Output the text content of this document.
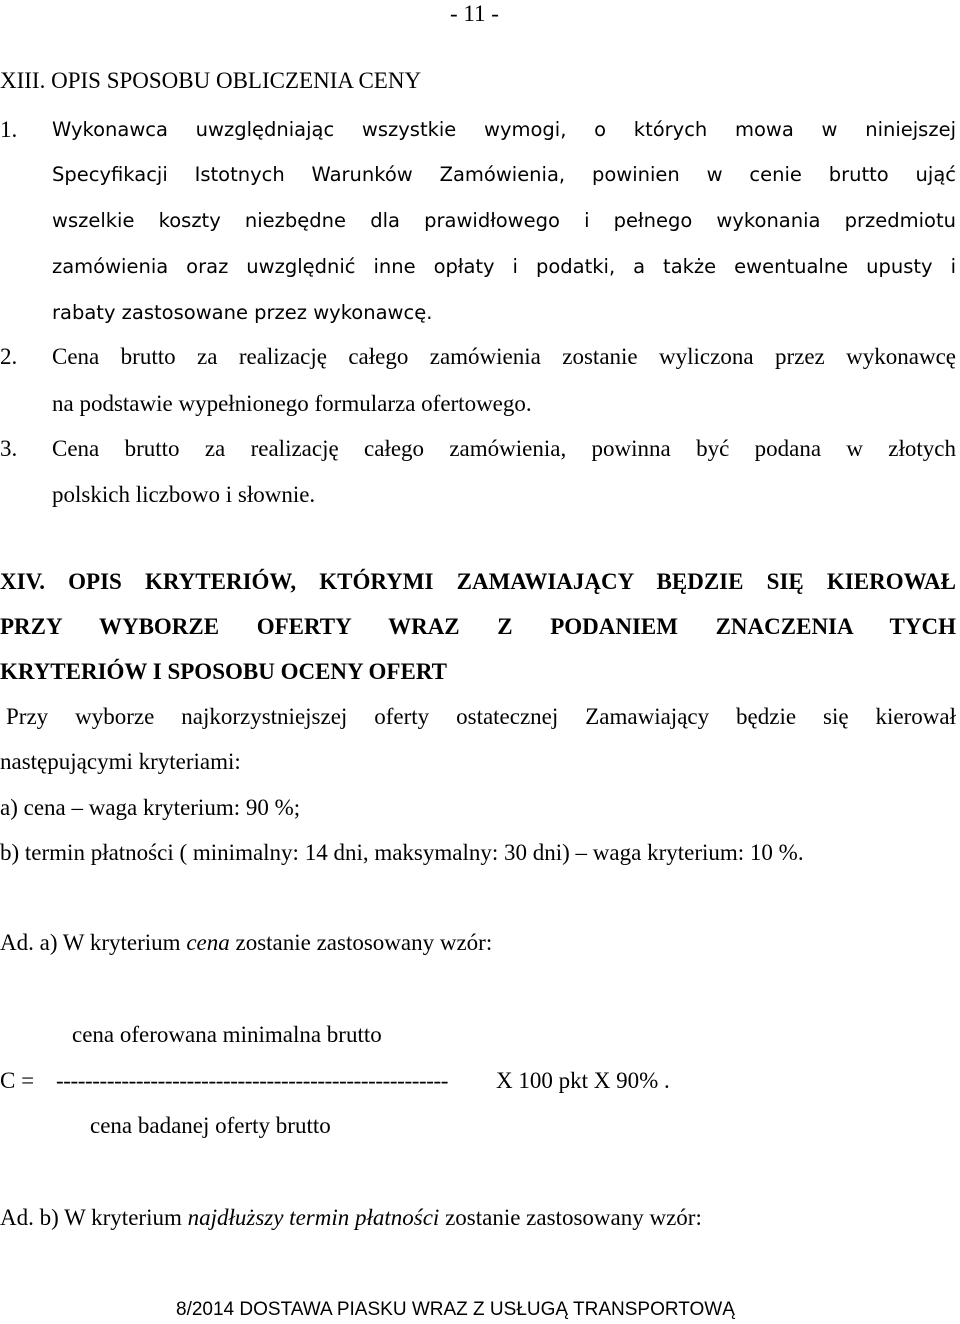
- 11 -
XIII. OPIS SPOSOBU OBLICZENIA CENY
1. Wykonawca uwzględniając wszystkie wymogi, o których mowa w niniejszej
Specyfikacji Istotnych Warunków Zamówienia, powinien w cenie brutto ująć
wszelkie koszty niezbędne dla prawidłowego i pełnego wykonania przedmiotu
zamówienia oraz uwzględnić inne opłaty i podatki, a także ewentualne upusty i
rabaty zastosowane przez wykonawcę.
2. Cena brutto za realizację całego zamówienia zostanie wyliczona przez wykonawcę
na podstawie wypełnionego formularza ofertowego.
3. Cena brutto za realizację całego zamówienia, powinna być podana w złotych
polskich liczbowo i słownie.
XIV. OPIS KRYTERIÓW, KTÓRYMI ZAMAWIAJĄCY BĘDZIE SIĘ KIEROWAŁ
PRZY WYBORZE OFERTY WRAZ Z PODANIEM ZNACZENIA TYCH
KRYTERIÓW I SPOSOBU OCENY OFERT
Przy wyborze najkorzystniejszej oferty ostatecznej Zamawiający będzie się kierował
następującymi kryteriami:
a) cena – waga kryterium: 90 %;
b) termin płatności ( minimalny: 14 dni, maksymalny: 30 dni) – waga kryterium: 10 %.
Ad. a) W kryterium cena zostanie zastosowany wzór:
cena oferowana minimalna brutto
C = ------------------------------------------------------	X 100 pkt X 90% .
cena badanej oferty brutto
Ad. b) W kryterium najdłuższy termin płatności zostanie zastosowany wzór:
8/2014 DOSTAWA PIASKU WRAZ Z USŁUGĄ TRANSPORTOWĄ
